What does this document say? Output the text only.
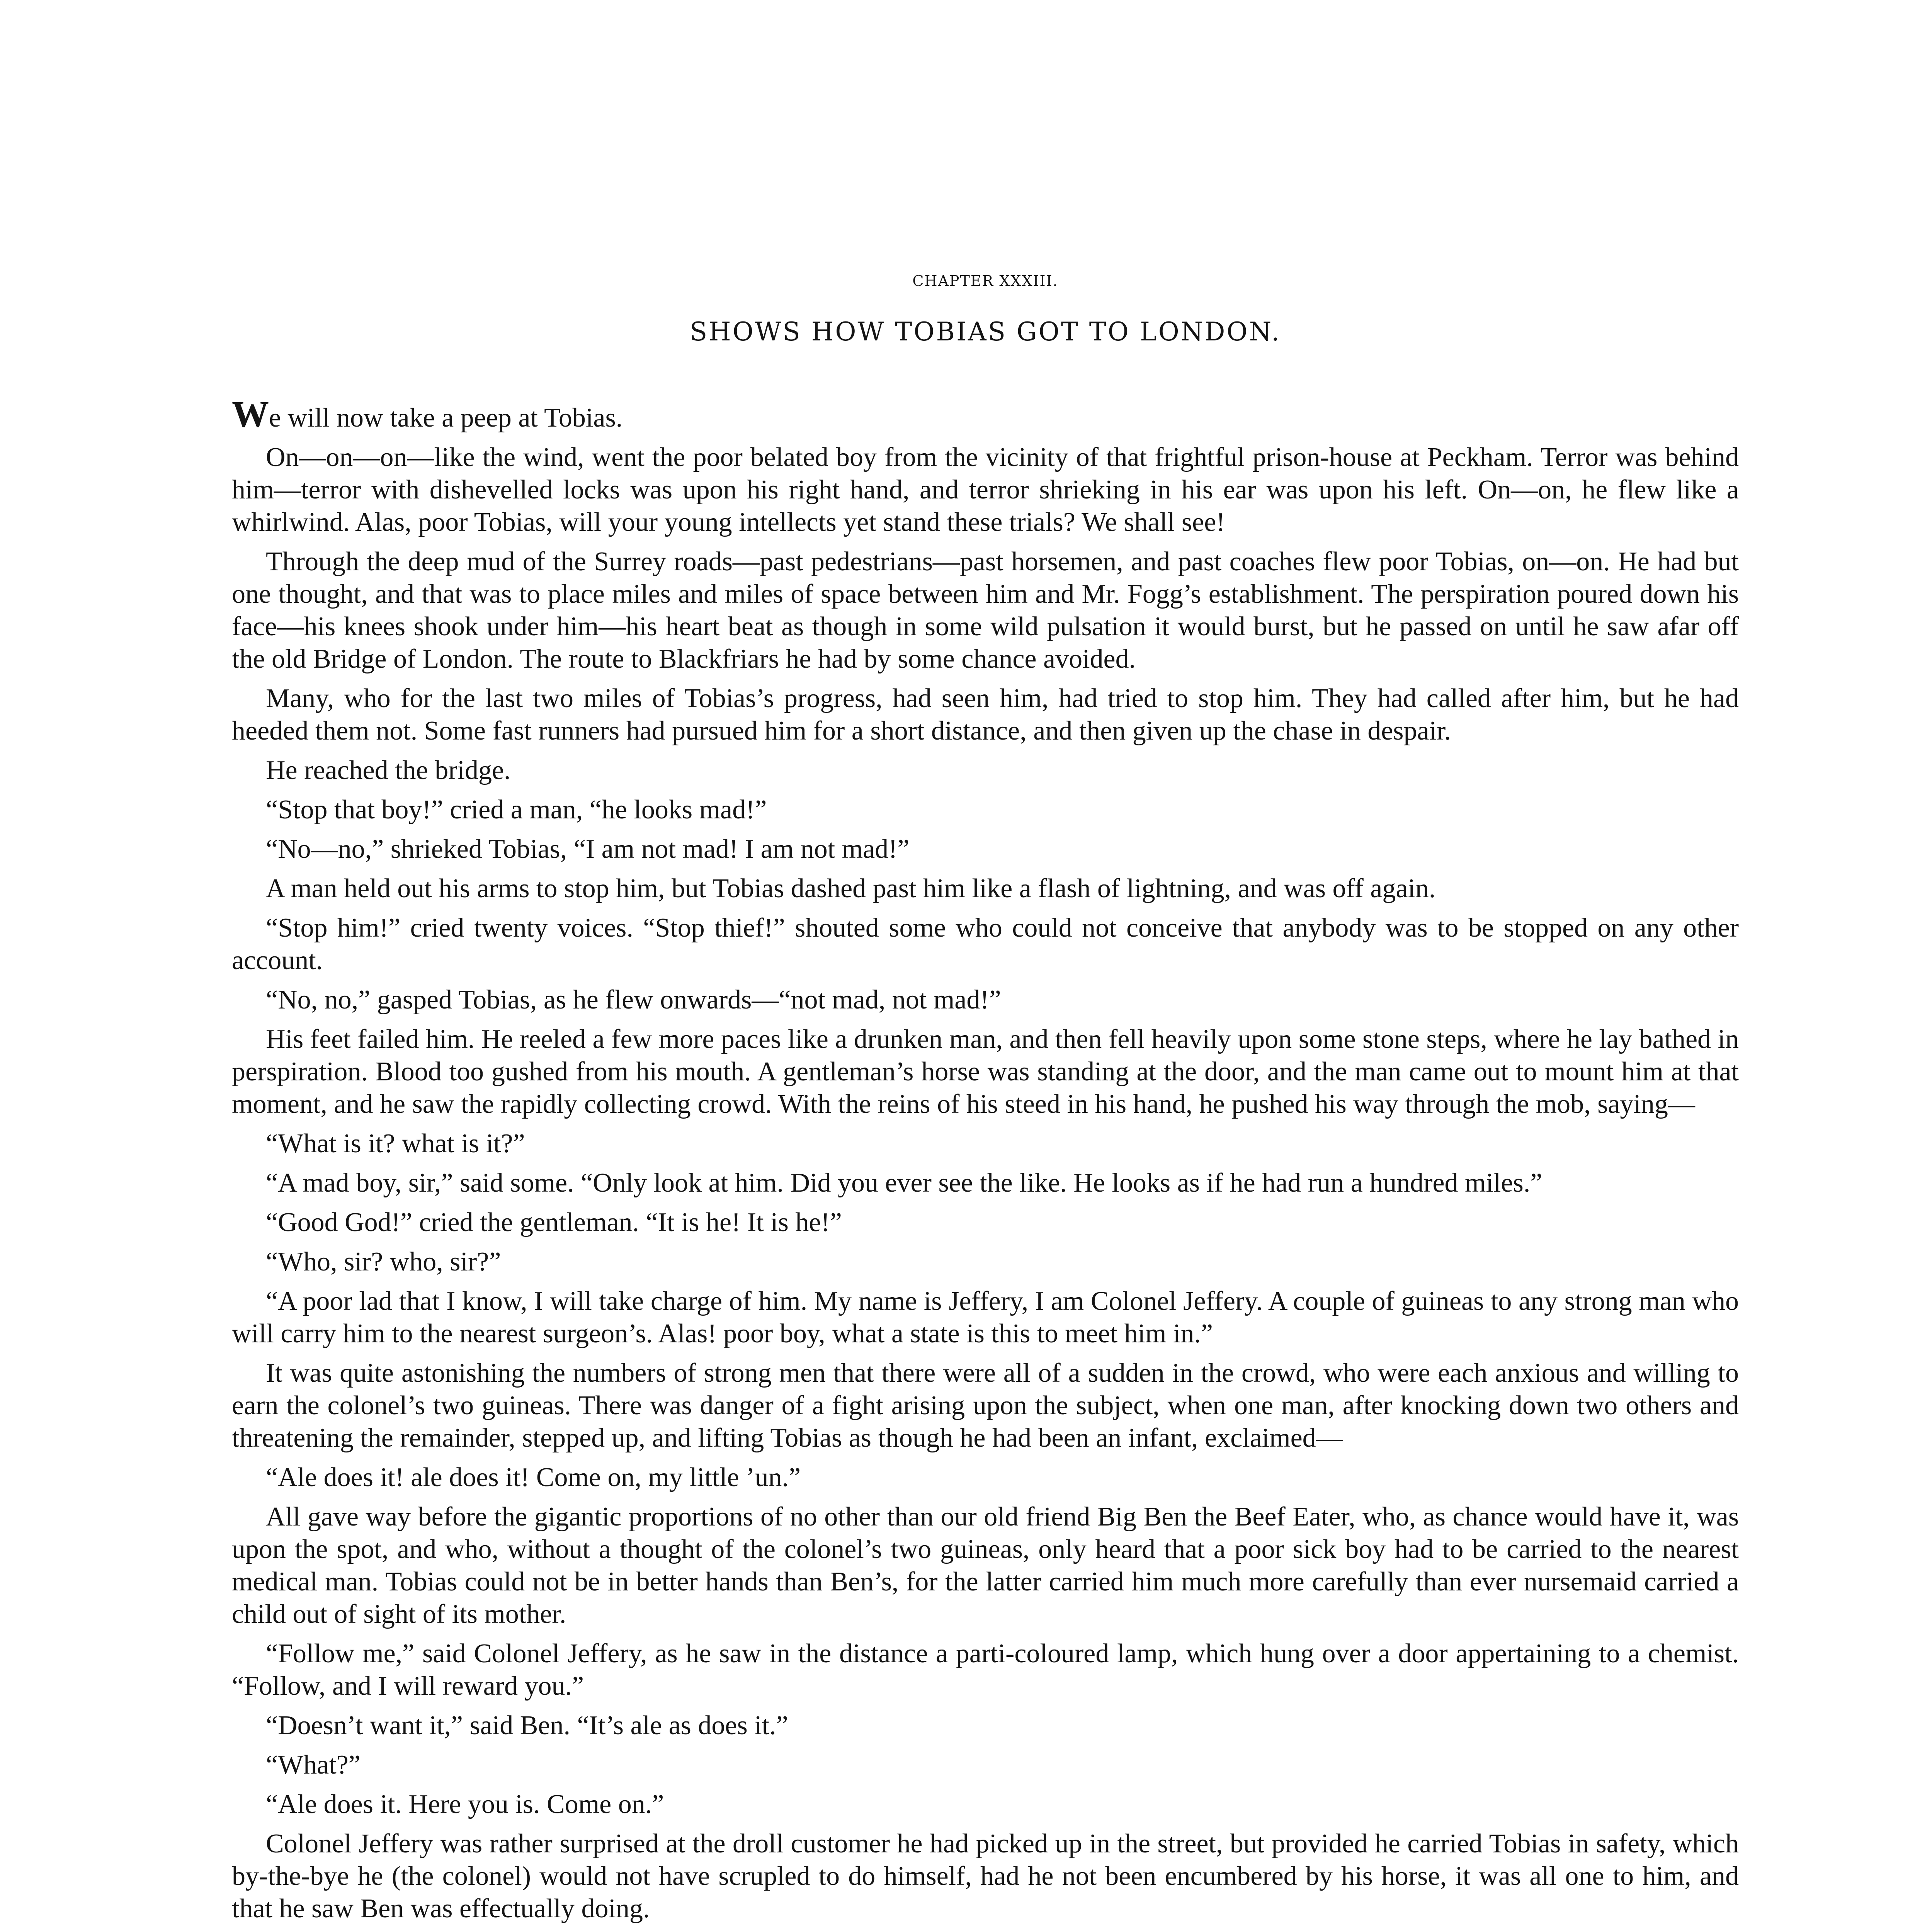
CHAPTER XXXIII.
SHOWS HOW TOBIAS GOT TO LONDON.

We will now take a peep at Tobias.

On—on—on—like the wind, went the poor belated boy from the vicinity of that frightful prison-house at Peckham. Terror was behind him—terror with dishevelled locks was upon his right hand, and terror shrieking in his ear was upon his left. On—on, he flew like a whirlwind. Alas, poor Tobias, will your young intellects yet stand these trials? We shall see!

Through the deep mud of the Surrey roads—past pedestrians—past horsemen, and past coaches flew poor Tobias, on—on. He had but one thought, and that was to place miles and miles of space between him and Mr. Fogg’s establishment. The perspiration poured down his face—his knees shook under him—his heart beat as though in some wild pulsation it would burst, but he passed on until he saw afar off the old Bridge of London. The route to Blackfriars he had by some chance avoided.

Many, who for the last two miles of Tobias’s progress, had seen him, had tried to stop him. They had called after him, but he had heeded them not. Some fast runners had pursued him for a short distance, and then given up the chase in despair.

He reached the bridge.

“Stop that boy!” cried a man, “he looks mad!”

“No—no,” shrieked Tobias, “I am not mad! I am not mad!”

A man held out his arms to stop him, but Tobias dashed past him like a flash of lightning, and was off again.

“Stop him!” cried twenty voices. “Stop thief!” shouted some who could not conceive that anybody was to be stopped on any other account.

“No, no,” gasped Tobias, as he flew onwards—“not mad, not mad!”

His feet failed him. He reeled a few more paces like a drunken man, and then fell heavily upon some stone steps, where he lay bathed in perspiration. Blood too gushed from his mouth. A gentleman’s horse was standing at the door, and the man came out to mount him at that moment, and he saw the rapidly collecting crowd. With the reins of his steed in his hand, he pushed his way through the mob, saying—

“What is it? what is it?”

“A mad boy, sir,” said some. “Only look at him. Did you ever see the like. He looks as if he had run a hundred miles.”

“Good God!” cried the gentleman. “It is he! It is he!”

“Who, sir? who, sir?”

“A poor lad that I know, I will take charge of him. My name is Jeffery, I am Colonel Jeffery. A couple of guineas to any strong man who will carry him to the nearest surgeon’s. Alas! poor boy, what a state is this to meet him in.”

It was quite astonishing the numbers of strong men that there were all of a sudden in the crowd, who were each anxious and willing to earn the colonel’s two guineas. There was danger of a fight arising upon the subject, when one man, after knocking down two others and threatening the remainder, stepped up, and lifting Tobias as though he had been an infant, exclaimed—

“Ale does it! ale does it! Come on, my little ’un.”

All gave way before the gigantic proportions of no other than our old friend Big Ben the Beef Eater, who, as chance would have it, was upon the spot, and who, without a thought of the colonel’s two guineas, only heard that a poor sick boy had to be carried to the nearest medical man. Tobias could not be in better hands than Ben’s, for the latter carried him much more carefully than ever nursemaid carried a child out of sight of its mother.

“Follow me,” said Colonel Jeffery, as he saw in the distance a parti-coloured lamp, which hung over a door appertaining to a chemist. “Follow, and I will reward you.”

“Doesn’t want it,” said Ben. “It’s ale as does it.”

“What?”

“Ale does it. Here you is. Come on.”

Colonel Jeffery was rather surprised at the droll customer he had picked up in the street, but provided he carried Tobias in safety, which by-the-bye he (the colonel) would not have scrupled to do himself, had he not been encumbered by his horse, it was all one to him, and that he saw Ben was effectually doing.
